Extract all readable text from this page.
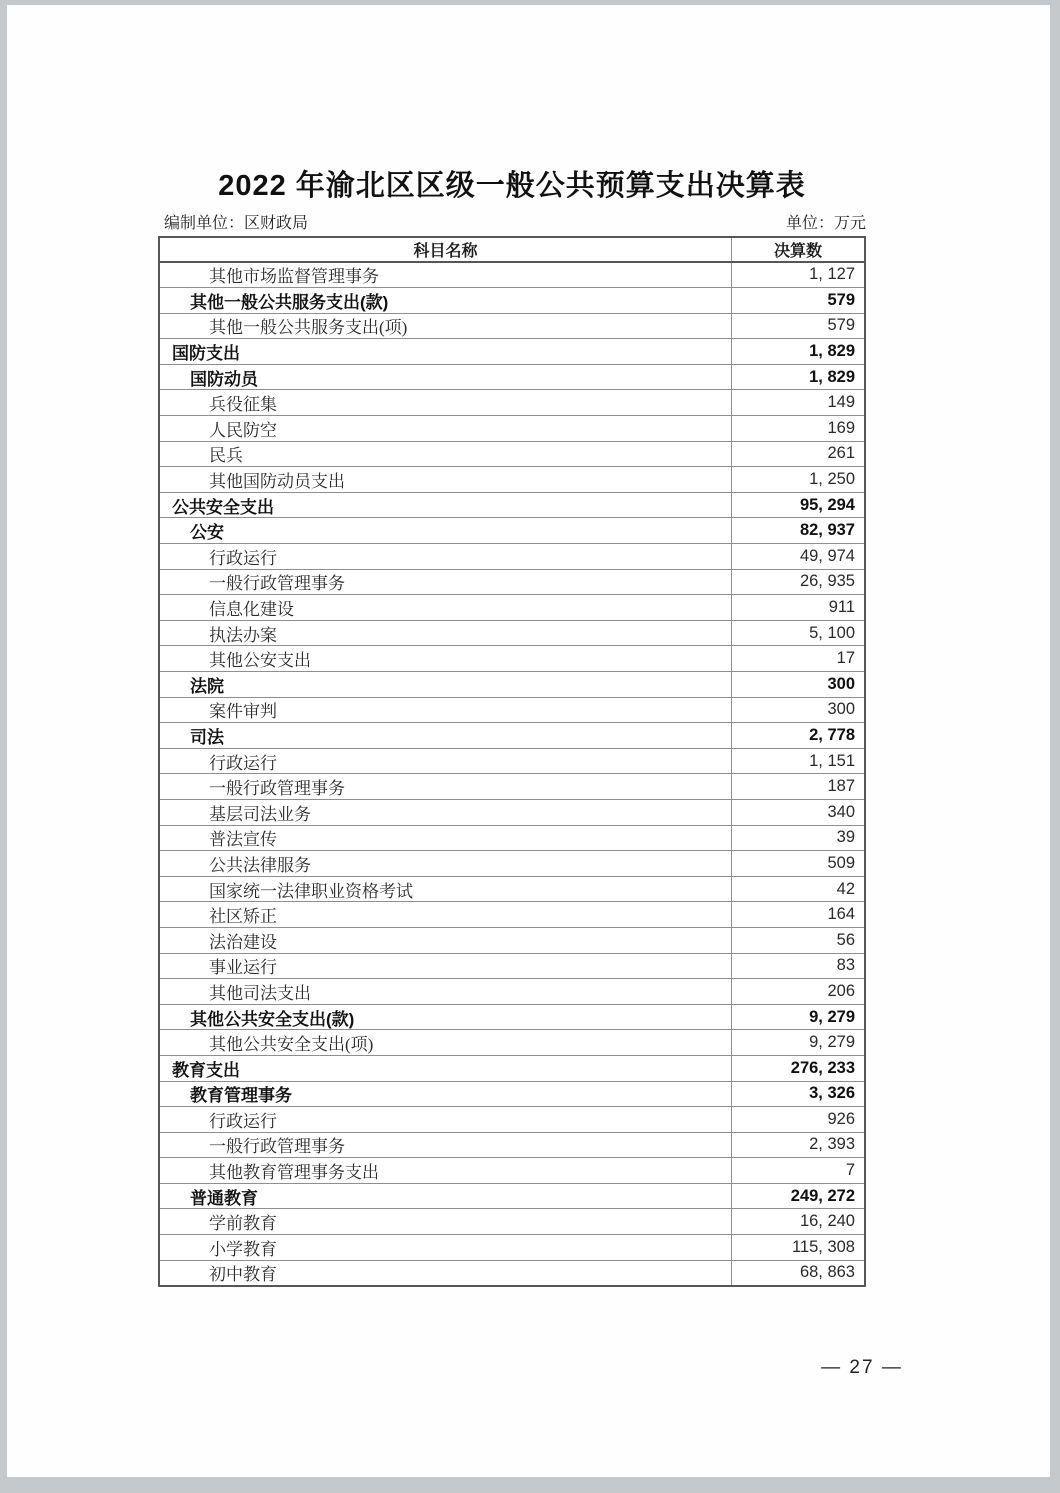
2022 年渝北区区级一般公共预算支出决算表
编制单位：区财政局	单位：万元
科目名称	决算数
其他市场监督管理事务	1, 127
其他一般公共服务支出(款)	579
其他一般公共服务支出(项)	579
国防支出	1, 829
国防动员	1, 829
兵役征集	149
人民防空	169
民兵	261
其他国防动员支出	1, 250
公共安全支出	95, 294
公安	82, 937
行政运行	49, 974
一般行政管理事务	26, 935
信息化建设	911
执法办案	5, 100
其他公安支出	17
法院	300
案件审判	300
司法	2, 778
行政运行	1, 151
一般行政管理事务	187
基层司法业务	340
普法宣传	39
公共法律服务	509
国家统一法律职业资格考试	42
社区矫正	164
法治建设	56
事业运行	83
其他司法支出	206
其他公共安全支出(款)	9, 279
其他公共安全支出(项)	9, 279
教育支出	276, 233
教育管理事务	3, 326
行政运行	926
一般行政管理事务	2, 393
其他教育管理事务支出	7
普通教育	249, 272
学前教育	16, 240
小学教育	115, 308
初中教育	68, 863
— 27 —
